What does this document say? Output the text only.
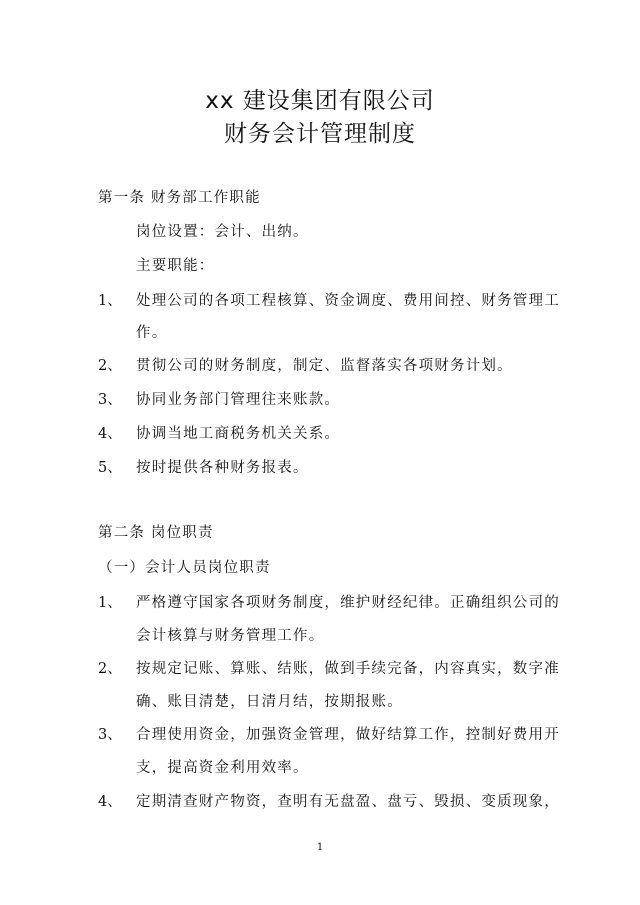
xx 建设集团有限公司
财务会计管理制度
第一条 财务部工作职能
岗位设置：会计、出纳。
主要职能：
1、 处理公司的各项工程核算、资金调度、费用间控、财务管理工
作。
2、 贯彻公司的财务制度，制定、监督落实各项财务计划。
3、 协同业务部门管理往来账款。
4、 协调当地工商税务机关关系。
5、 按时提供各种财务报表。
第二条 岗位职责
（一）会计人员岗位职责
1、 严格遵守国家各项财务制度，维护财经纪律。正确组织公司的
会计核算与财务管理工作。
2、 按规定记账、算账、结账，做到手续完备，内容真实，数字准
确、账目清楚，日清月结，按期报账。
3、 合理使用资金，加强资金管理，做好结算工作，控制好费用开
支，提高资金利用效率。
4、 定期清查财产物资，查明有无盘盈、盘亏、毁损、变质现象，
1
